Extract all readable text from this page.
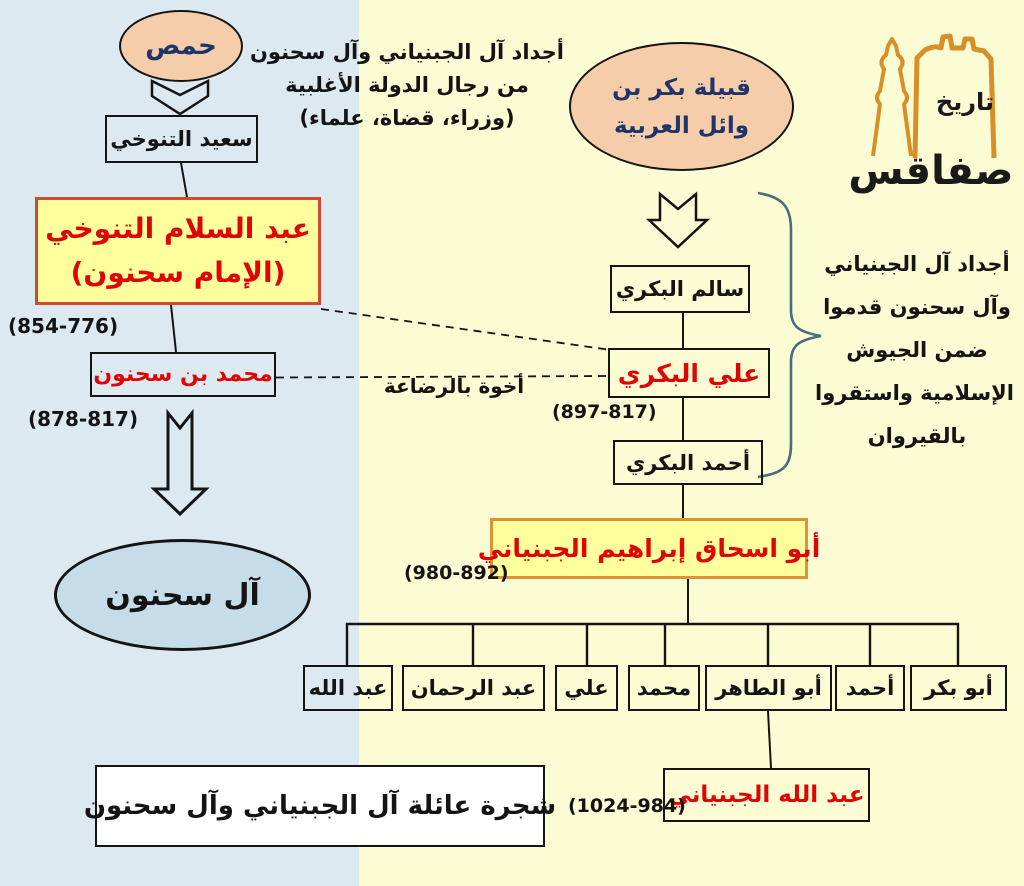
تاريخ
صفاقس
أجداد آل الجبنياني وآل سحنون
من رجال الدولة الأغلبية
(وزراء، قضاة، علماء)
أجداد آل الجبنياني
وآل سحنون قدموا
ضمن الجيوش
الإسلامية واستقروا
بالقيروان
أخوة بالرضاعة
حمص
سعيد التنوخي
عبد السلام التنوخي
(الإمام سحنون)
(854-776)
محمد بن سحنون
(878-817)
آل سحنون
قبيلة بكر بن
وائل العربية
سالم البكري
علي البكري
(897-817)
أحمد البكري
أبو اسحاق إبراهيم الجبنياني
(980-892)
عبد الله	عبد الرحمان	علي	محمد	أبو الطاهر	أحمد	أبو بكر
عبد الله الجبنياني
(1024-984)
شجرة عائلة آل الجبنياني وآل سحنون
